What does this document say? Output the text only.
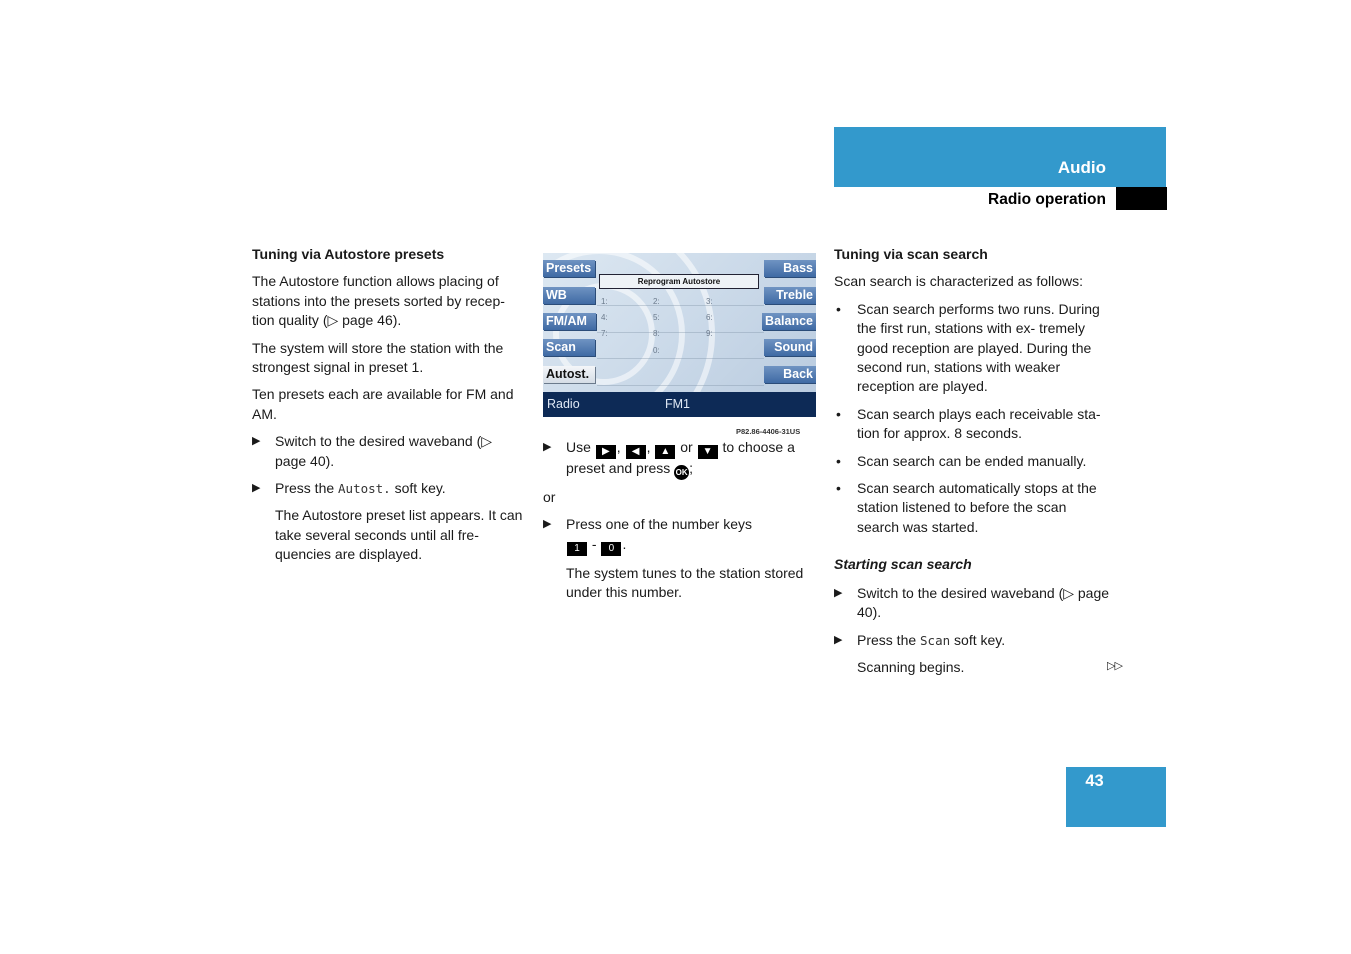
Audio
Radio operation
Tuning via Autostore presets

The Autostore function allows placing of stations into the presets sorted by recep- tion quality (▷ page 46).

The system will store the station with the strongest signal in preset 1.

Ten presets each are available for FM and AM.

▶ Switch to the desired waveband (▷ page 40).
▶ Press the Autost. soft key.

The Autostore preset list appears. It can take several seconds until all fre- quencies are displayed.

Presets
WB
FM/AM
Scan
Autost.
Bass
Treble
Balance
Sound
Back
Reprogram Autostore
1:	2:	3:
4:	5:	6:
7:	8:	9:
0:
Radio	FM1
P82.86-4406-31US
▶ Use ▶ , ◀ , ▲ or ▼ to choose a preset and press OK ;

or

▶ Press one of the number keys
1 - 0 .

The system tunes to the station stored under this number.

Tuning via scan search

Scan search is characterized as follows:

• Scan search performs two runs. During the first run, stations with ex- tremely good reception are played. During the second run, stations with weaker reception are played.
• Scan search plays each receivable sta- tion for approx. 8 seconds.
• Scan search can be ended manually.
• Scan search automatically stops at the station listened to before the scan search was started.
Starting scan search
▶ Switch to the desired waveband (▷ page 40).
▶ Press the Scan soft key.

Scanning begins.	▷▷
43
